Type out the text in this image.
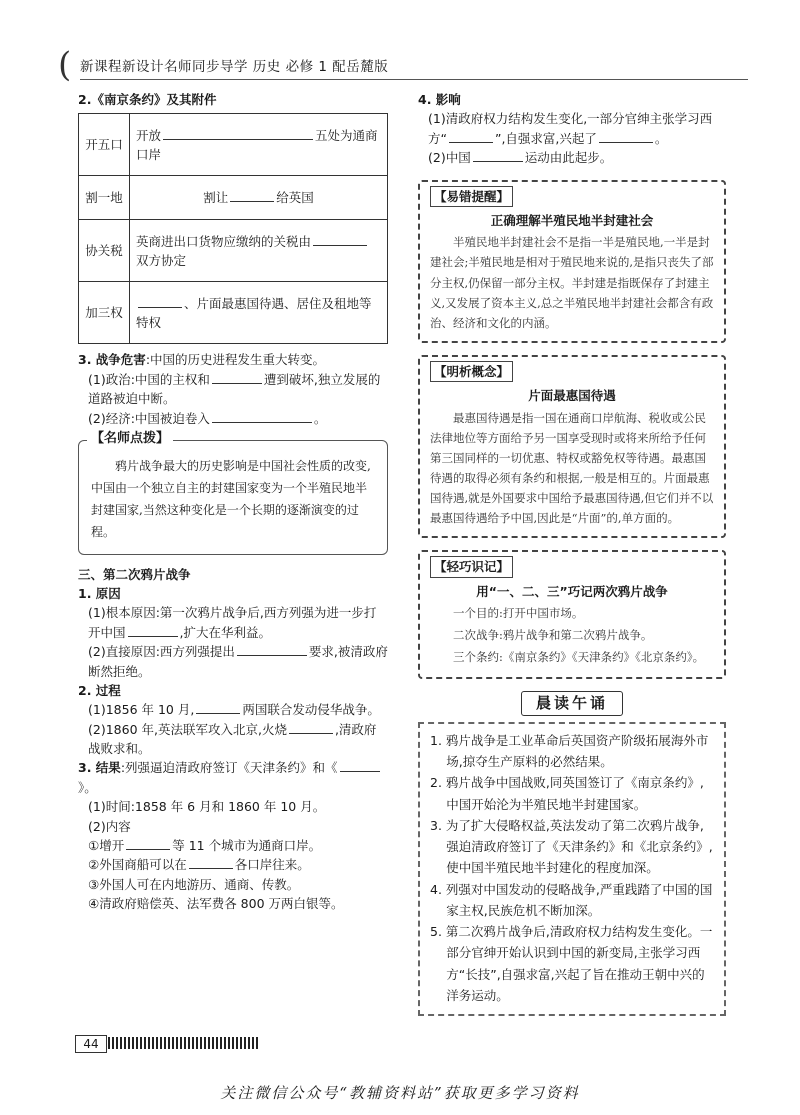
( 新课程新设计名师同步导学 历史 必修 1 配岳麓版

2.《南京条约》及其附件

开五口	开放 五处为通商口岸
割一地	割让 给英国
协关税	英商进出口货物应缴纳的关税由双方协定
加三权	、片面最惠国待遇、居住及租地等特权

3. 战争危害:中国的历史进程发生重大转变。

(1)政治:中国的主权和	遭到破坏,独立发展的道路被迫中断。

(2)经济:中国被迫卷入	。

【名师点拨】

鸦片战争最大的历史影响是中国社会性质的改变,中国由一个独立自主的封建国家变为一个半殖民地半封建国家,当然这种变化是一个长期的逐渐演变的过程。

三、第二次鸦片战争

1. 原因

(1)根本原因:第一次鸦片战争后,西方列强为进一步打开中国	,扩大在华利益。

(2)直接原因:西方列强提出	要求,被清政府断然拒绝。

2. 过程

(1)1856 年 10 月,	两国联合发动侵华战争。

(2)1860 年,英法联军攻入北京,火烧	,清政府战败求和。

3. 结果:列强逼迫清政府签订《天津条约》和《》。

(1)时间:1858 年 6 月和 1860 年 10 月。

(2)内容

①增开	等 11 个城市为通商口岸。

②外国商船可以在	各口岸往来。

③外国人可在内地游历、通商、传教。

④清政府赔偿英、法军费各 800 万两白银等。

4. 影响

(1)清政府权力结构发生变化,一部分官绅主张学习西方“	”,自强求富,兴起了	。

(2)中国	运动由此起步。

【易错提醒】

正确理解半殖民地半封建社会

半殖民地半封建社会不是指一半是殖民地,一半是封建社会;半殖民地是相对于殖民地来说的,是指只丧失了部分主权,仍保留一部分主权。半封建是指既保存了封建主义,又发展了资本主义,总之半殖民地半封建社会都含有政治、经济和文化的内涵。

【明析概念】

片面最惠国待遇

最惠国待遇是指一国在通商口岸航海、税收或公民法律地位等方面给予另一国享受现时或将来所给予任何第三国同样的一切优惠、特权或豁免权等待遇。最惠国待遇的取得必须有条约和根据,一般是相互的。片面最惠国待遇,就是外国要求中国给予最惠国待遇,但它们并不以最惠国待遇给予中国,因此是“片面”的,单方面的。

【轻巧识记】

用“一、二、三”巧记两次鸦片战争

一个目的:打开中国市场。

二次战争:鸦片战争和第二次鸦片战争。

三个条约:《南京条约》《天津条约》《北京条约》。

晨读午诵

1. 鸦片战争是工业革命后英国资产阶级拓展海外市场,掠夺生产原料的必然结果。

2. 鸦片战争中国战败,同英国签订了《南京条约》,中国开始沦为半殖民地半封建国家。

3. 为了扩大侵略权益,英法发动了第二次鸦片战争,强迫清政府签订了《天津条约》和《北京条约》,使中国半殖民地半封建化的程度加深。

4. 列强对中国发动的侵略战争,严重践踏了中国的国家主权,民族危机不断加深。

5. 第二次鸦片战争后,清政府权力结构发生变化。一部分官绅开始认识到中国的新变局,主张学习西方“长技”,自强求富,兴起了旨在推动王朝中兴的洋务运动。

44
关注微信公众号“教辅资料站”获取更多学习资料
